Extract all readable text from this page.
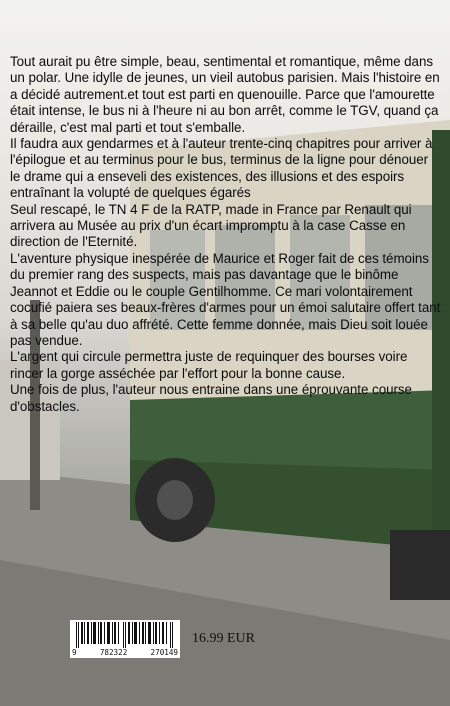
Tout aurait pu être simple, beau, sentimental et romantique, même dans un polar. Une idylle de jeunes, un vieil autobus parisien. Mais l'histoire en a décidé autrement.et tout est parti en quenouille. Parce que l'amourette était intense, le bus ni à l'heure ni au bon arrêt, comme le TGV, quand ça déraille, c'est mal parti et tout s'emballe.

Il faudra aux gendarmes et à l'auteur trente-cinq chapitres pour arriver à l'épilogue et au terminus pour le bus, terminus de la ligne pour dénouer le drame qui a enseveli des existences, des illusions et des espoirs entraînant la volupté de quelques égarés

Seul rescapé, le TN 4 F de la RATP, made in France par Renault qui arrivera au Musée au prix d'un écart impromptu à la case Casse en direction de l'Eternité.

L'aventure physique inespérée de Maurice et Roger fait de ces témoins du premier rang des suspects, mais pas davantage que le binôme Jeannot et Eddie ou le couple Gentilhomme. Ce mari volontairement cocufié paiera ses beaux-frères d'armes pour un émoi salutaire offert tant à sa belle qu'au duo affrété. Cette femme donnée, mais Dieu soit louée pas vendue.

L'argent qui circule permettra juste de requinquer des bourses voire rincer la gorge asséchée par l'effort pour la bonne cause.

Une fois de plus, l'auteur nous entraine dans une éprouvante course d'obstacles.

9	782322	270149
16.99 EUR
